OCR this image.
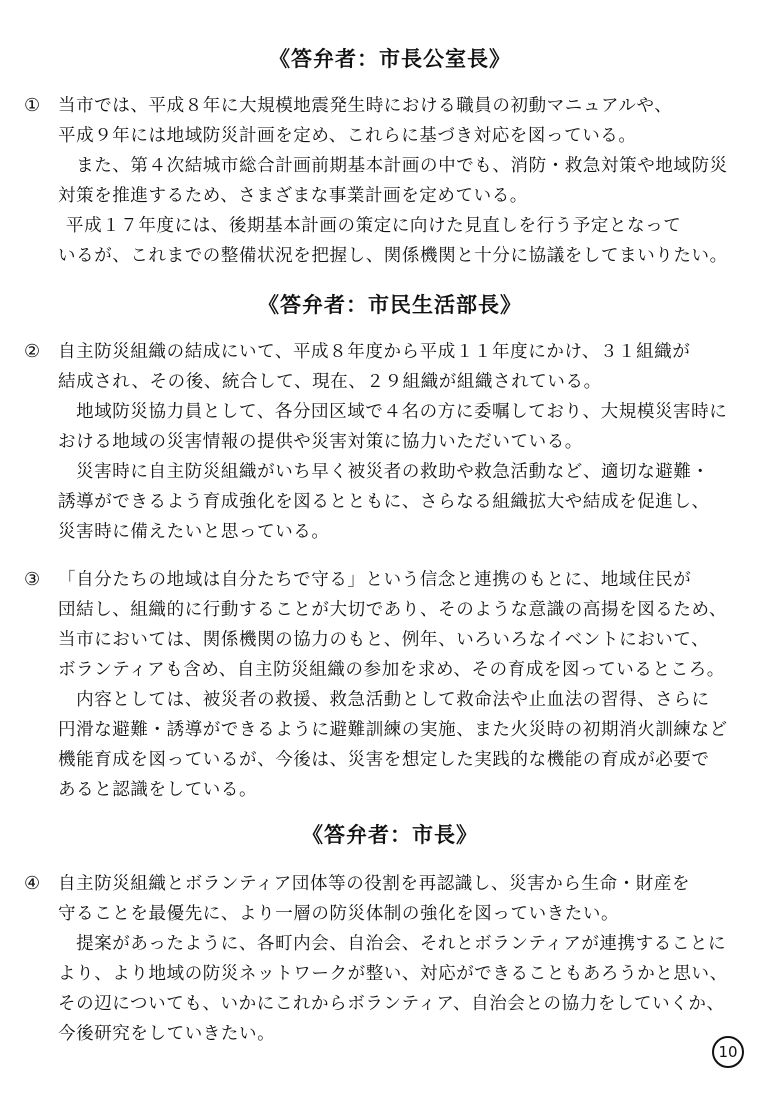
《答弁者：市長公室長》
① 当市では、平成８年に大規模地震発生時における職員の初動マニュアルや、
平成９年には地域防災計画を定め、これらに基づき対応を図っている。
　また、第４次結城市総合計画前期基本計画の中でも、消防・救急対策や地域防災
対策を推進するため、さまざまな事業計画を定めている。
平成１７年度には、後期基本計画の策定に向けた見直しを行う予定となって
いるが、これまでの整備状況を把握し、関係機関と十分に協議をしてまいりたい。
《答弁者：市民生活部長》
② 自主防災組織の結成にいて、平成８年度から平成１１年度にかけ、３１組織が
結成され、その後、統合して、現在、２９組織が組織されている。
　地域防災協力員として、各分団区域で４名の方に委嘱しており、大規模災害時に
おける地域の災害情報の提供や災害対策に協力いただいている。
　災害時に自主防災組織がいち早く被災者の救助や救急活動など、適切な避難・
誘導ができるよう育成強化を図るとともに、さらなる組織拡大や結成を促進し、
災害時に備えたいと思っている。
③ 「自分たちの地域は自分たちで守る」という信念と連携のもとに、地域住民が
団結し、組織的に行動することが大切であり、そのような意識の高揚を図るため、
当市においては、関係機関の協力のもと、例年、いろいろなイベントにおいて、
ボランティアも含め、自主防災組織の参加を求め、その育成を図っているところ。
　内容としては、被災者の救援、救急活動として救命法や止血法の習得、さらに
円滑な避難・誘導ができるように避難訓練の実施、また火災時の初期消火訓練など
機能育成を図っているが、今後は、災害を想定した実践的な機能の育成が必要で
あると認識をしている。
《答弁者：市長》
④ 自主防災組織とボランティア団体等の役割を再認識し、災害から生命・財産を
守ることを最優先に、より一層の防災体制の強化を図っていきたい。
　提案があったように、各町内会、自治会、それとボランティアが連携することに
より、より地域の防災ネットワークが整い、対応ができることもあろうかと思い、
その辺についても、いかにこれからボランティア、自治会との協力をしていくか、
今後研究をしていきたい。
10
